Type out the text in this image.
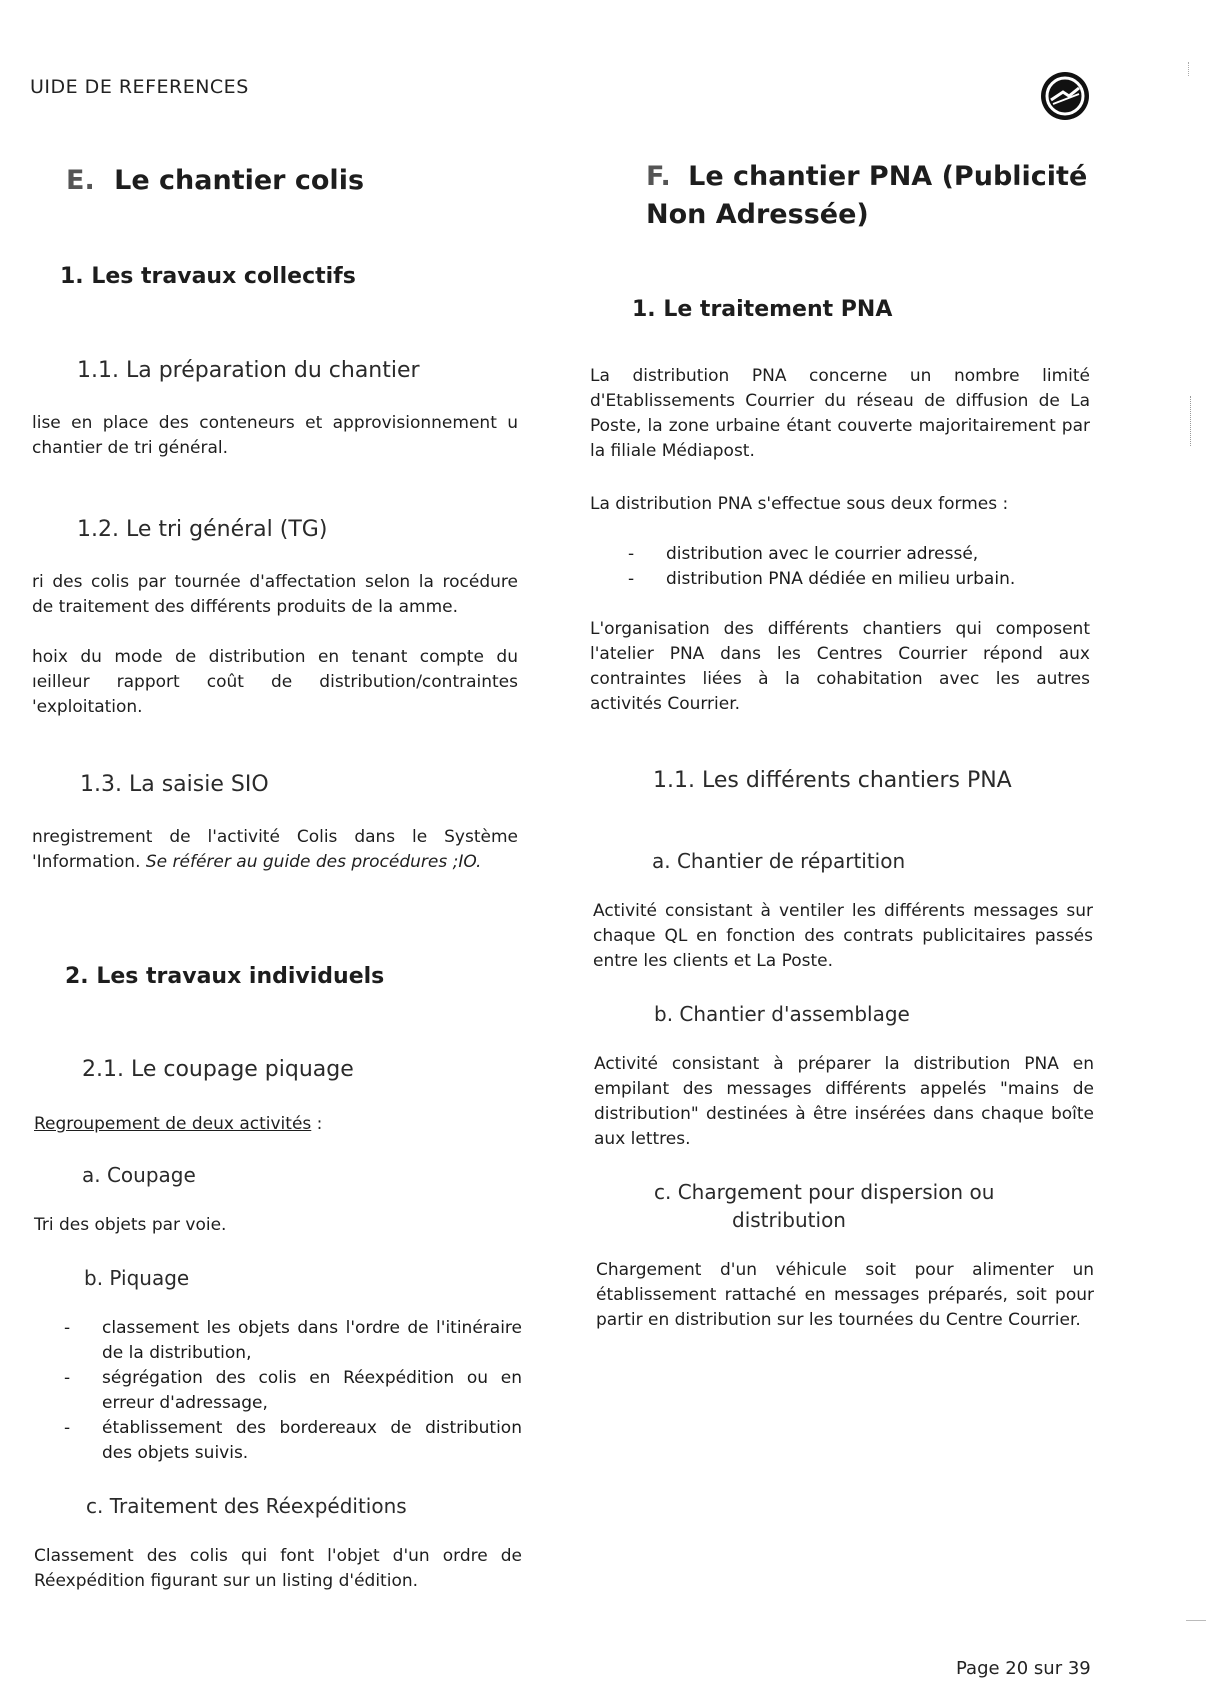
UIDE DE REFERENCES
E. Le chantier colis
1. Les travaux collectifs
1.1. La préparation du chantier
lise en place des conteneurs et approvisionnement u chantier de tri général.
1.2. Le tri général (TG)
ri des colis par tournée d'affectation selon la rocédure de traitement des différents produits de la amme.
hoix du mode de distribution en tenant compte du ıeilleur rapport coût de distribution/contraintes 'exploitation.
1.3. La saisie SIO
nregistrement de l'activité Colis dans le Système 'Information. Se référer au guide des procédures ;IO.
2. Les travaux individuels
2.1. Le coupage piquage
Regroupement de deux activités :
a. Coupage
Tri des objets par voie.
b. Piquage
- classement les objets dans l'ordre de l'itinéraire de la distribution,
- ségrégation des colis en Réexpédition ou en erreur d'adressage,
- établissement des bordereaux de distribution des objets suivis.
c. Traitement des Réexpéditions
Classement des colis qui font l'objet d'un ordre de Réexpédition figurant sur un listing d'édition.
F. Le chantier PNA (Publicité
Non Adressée)
1. Le traitement PNA
La distribution PNA concerne un nombre limité d'Etablissements Courrier du réseau de diffusion de La Poste, la zone urbaine étant couverte majoritairement par la filiale Médiapost.
La distribution PNA s'effectue sous deux formes :
- distribution avec le courrier adressé,
- distribution PNA dédiée en milieu urbain.
L'organisation des différents chantiers qui composent l'atelier PNA dans les Centres Courrier répond aux contraintes liées à la cohabitation avec les autres activités Courrier.
1.1. Les différents chantiers PNA
a. Chantier de répartition
Activité consistant à ventiler les différents messages sur chaque QL en fonction des contrats publicitaires passés entre les clients et La Poste.
b. Chantier d'assemblage
Activité consistant à préparer la distribution PNA en empilant des messages différents appelés "mains de distribution" destinées à être insérées dans chaque boîte aux lettres.
c. Chargement pour dispersion ou
distribution
Chargement d'un véhicule soit pour alimenter un établissement rattaché en messages préparés, soit pour partir en distribution sur les tournées du Centre Courrier.
Page 20 sur 39
